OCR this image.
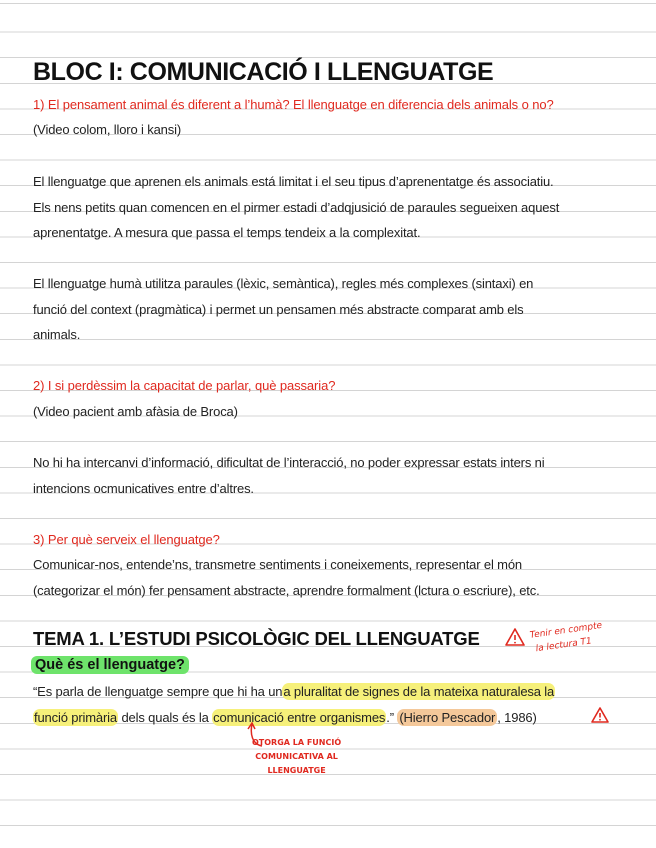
BLOC I: COMUNICACIÓ I LLENGUATGE
1) El pensament animal és diferent a l’humà? El llenguatge en diferencia dels animals o no?
(Video colom, lloro i kansi)
El llenguatge que aprenen els animals está limitat i el seu tipus d’aprenentatge és associatiu.
Els nens petits quan comencen en el pirmer estadi d’adqjusició de paraules segueixen aquest
aprenentatge. A mesura que passa el temps tendeix a la complexitat.
El llenguatge humà utilitza paraules (lèxic, semàntica), regles més complexes (sintaxi) en
funció del context (pragmàtica) i permet un pensamen més abstracte comparat amb els
animals.
2) I si perdèssim la capacitat de parlar, què passaria?
(Video pacient amb afàsia de Broca)
No hi ha intercanvi d’informació, dificultat de l’interacció, no poder expressar estats inters ni
intencions ocmunicatives entre d’altres.
3) Per què serveix el llenguatge?
Comunicar-nos, entende’ns, transmetre sentiments i coneixements, representar el món
(categorizar el món) fer pensament abstracte, aprendre formalment (lctura o escriure), etc.
TEMA 1. L’ESTUDI PSICOLÒGIC DEL LLENGUATGE	Tenir en compte
la lectura T1
Què és el llenguatge?
“Es parla de llenguatge sempre que hi ha una pluralitat de signes de la mateixa naturalesa la
funció primària dels quals és la comunicació entre organismes.” (Hierro Pescador , 1986)
OTORGA LA FUNCIÓ
COMUNICATIVA AL
LLENGUATGE
